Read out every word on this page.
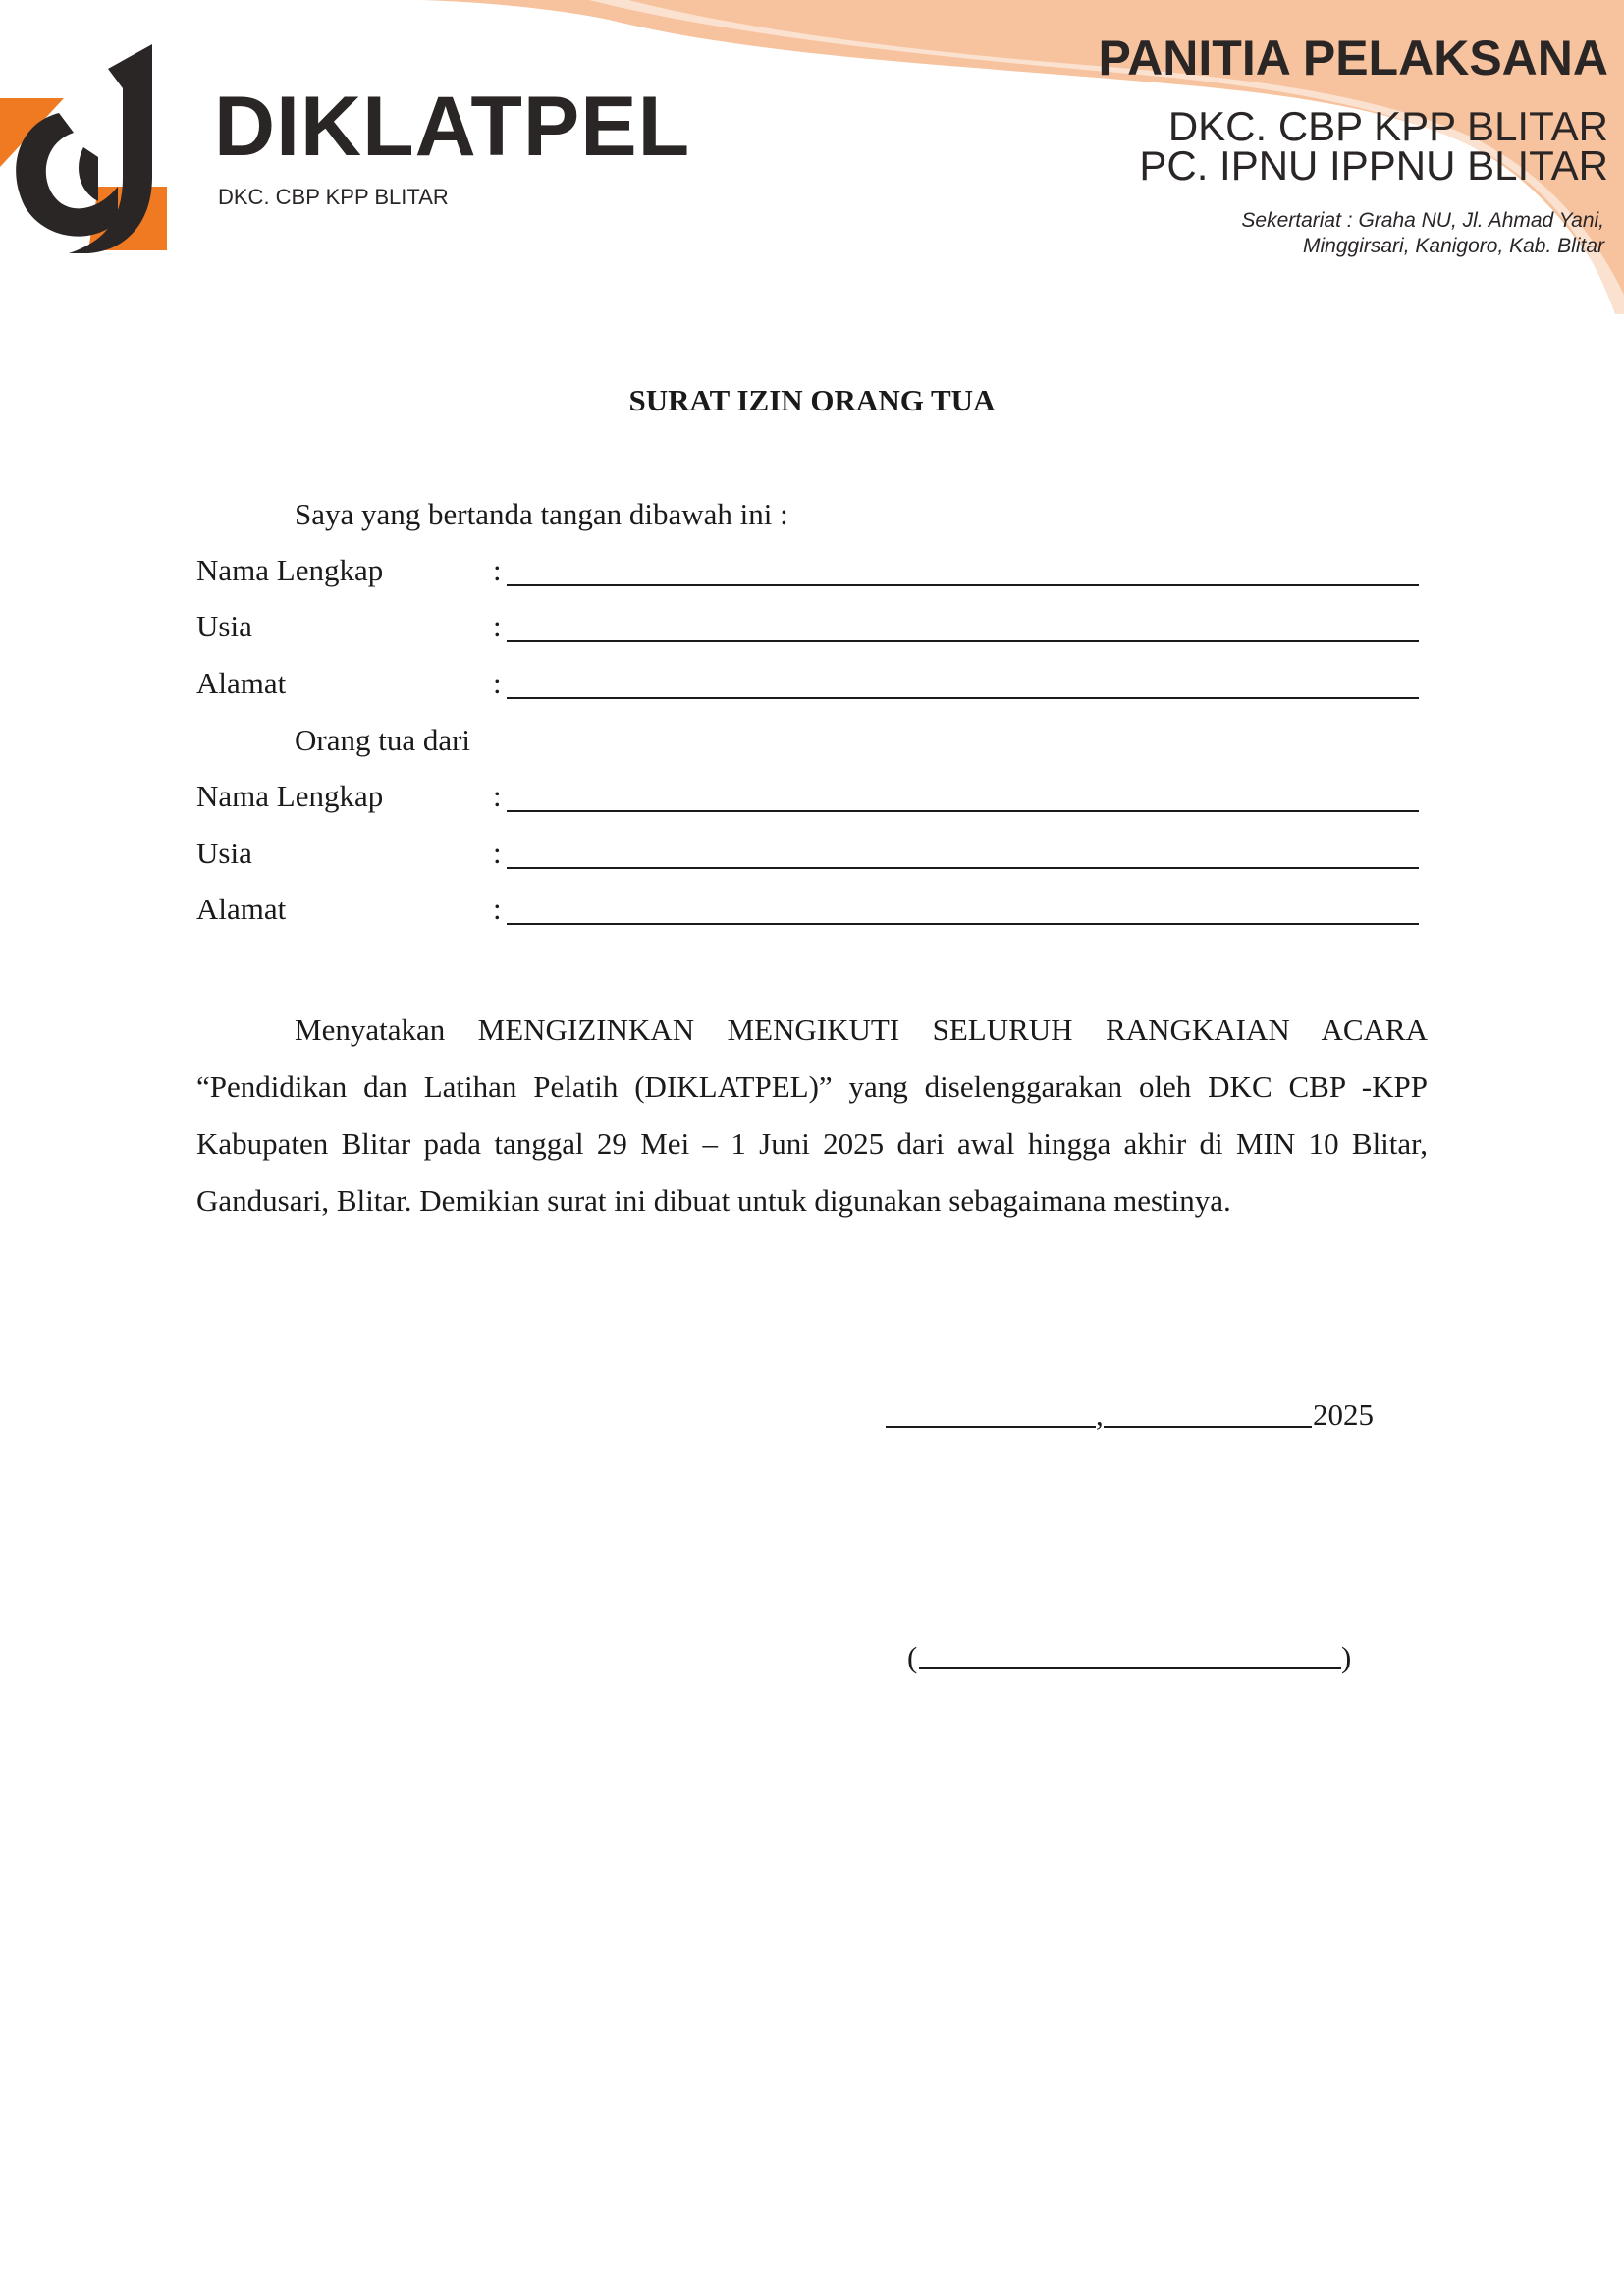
DIKLATPEL
DKC. CBP KPP BLITAR
PANITIA PELAKSANA
DKC. CBP KPP BLITAR
PC. IPNU IPPNU BLITAR
Sekertariat : Graha NU, Jl. Ahmad Yani,
Minggirsari, Kanigoro, Kab. Blitar
SURAT IZIN ORANG TUA
Saya yang bertanda tangan dibawah ini :
Nama Lengkap	:
Usia	:
Alamat	:
Orang tua dari
Nama Lengkap	:
Usia	:
Alamat	:
Menyatakan MENGIZINKAN MENGIKUTI SELURUH RANGKAIAN ACARA “Pendidikan dan Latihan Pelatih (DIKLATPEL)” yang diselenggarakan oleh DKC CBP -KPP Kabupaten Blitar pada tanggal 29 Mei – 1 Juni 2025 dari awal hingga akhir di MIN 10 Blitar, Gandusari, Blitar. Demikian surat ini dibuat untuk digunakan sebagaimana mestinya.
,	2025
(	)
